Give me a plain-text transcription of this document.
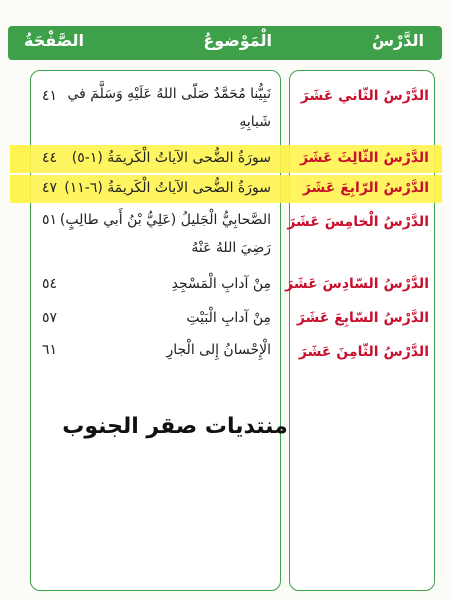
الدَّرْسُ
الْمَوْضوعُ
الصَّفْحَةُ
الدَّرْسُ الثّاني عَشَرَ
نَبِيُّنا مُحَمَّدٌ صَلّى اللهُ عَلَيْهِ وَسَلَّمَ في
شَبابِهِ
٤١
الدَّرْسُ الثّالِثَ عَشَرَ
سورَةُ الضُّحى الآياتُ الْكَريمَةُ (١-٥)
٤٤
الدَّرْسُ الرّابِعَ عَشَرَ
سورَةُ الضُّحى الآياتُ الْكَريمَةُ (٦-١١)
٤٧
الدَّرْسُ الْخامِسَ عَشَرَ
الصَّحابِيُّ الْجَليلُ (عَلِيُّ بْنُ أَبي طالِبٍ)
رَضِيَ اللهُ عَنْهُ
٥١
الدَّرْسُ السّادِسَ عَشَرَ
مِنْ آدابِ الْمَسْجِدِ
٥٤
الدَّرْسُ السّابِعَ عَشَرَ
مِنْ آدابِ الْبَيْتِ
٥٧
الدَّرْسُ الثّامِنَ عَشَرَ
الْإِحْسانُ إِلى الْجارِ
٦١
منتديات صقر الجنوب
